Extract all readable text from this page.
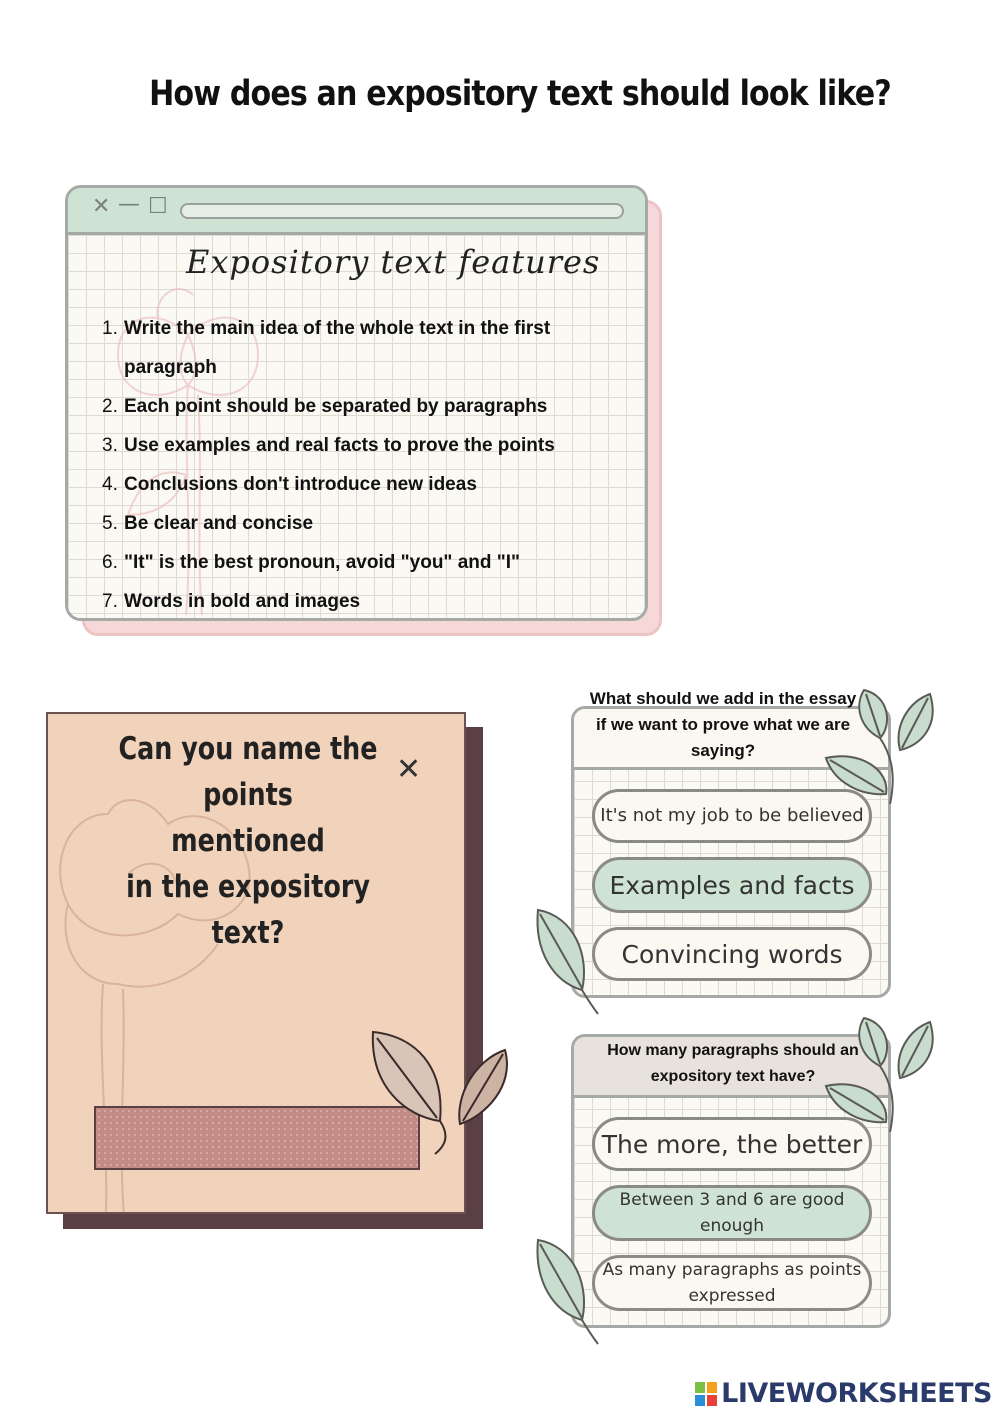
How does an expository text should look like?
✕ — ☐
Expository text features
1. Write the main idea of the whole text in the first paragraph
2. Each point should be separated by paragraphs
3. Use examples and real facts to prove the points
4. Conclusions don't introduce new ideas
5. Be clear and concise
6. "It" is the best pronoun, avoid "you" and "I"
7. Words in bold and images
Can you name the points
mentioned
in the expository text?
✕
It's not my job to be believed
Examples and facts
Convincing words
What should we add in the essay if we want to prove what we are saying?
The more, the better
Between 3 and 6 are good enough
As many paragraphs as points expressed
How many paragraphs should an expository text have?
LIVEWORKSHEETS
